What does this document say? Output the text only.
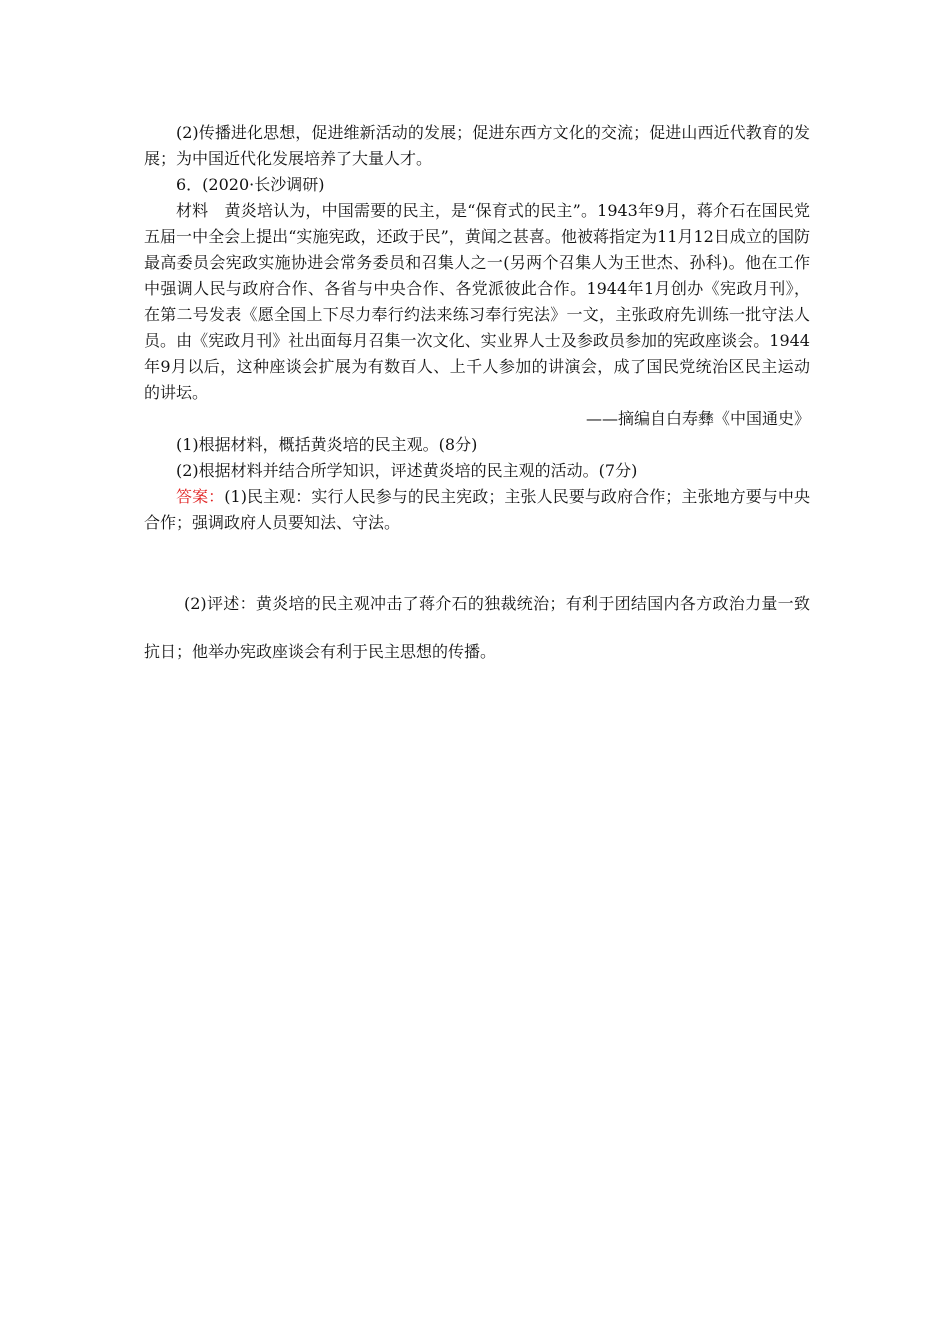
(2)传播进化思想，促进维新活动的发展；促进东西方文化的交流；促进山西近代教育的发展；为中国近代化发展培养了大量人才。

6．(2020·长沙调研)

材料　 黄炎培认为，中国需要的民主，是“保育式的民主”。1943年9月，蒋介石在国民党五届一中全会上提出“实施宪政，还政于民”，黄闻之甚喜。他被蒋指定为11月12日成立的国防最高委员会宪政实施协进会常务委员和召集人之一(另两个召集人为王世杰、孙科)。他在工作中强调人民与政府合作、各省与中央合作、各党派彼此合作。1944年1月创办《宪政月刊》，在第二号发表《愿全国上下尽力奉行约法来练习奉行宪法》一文，主张政府先训练一批守法人员。由《宪政月刊》社出面每月召集一次文化、实业界人士及参政员参加的宪政座谈会。1944年9月以后，这种座谈会扩展为有数百人、上千人参加的讲演会，成了国民党统治区民主运动的讲坛。

——摘编自白寿彝《中国通史》

(1)根据材料，概括黄炎培的民主观。(8分)

(2)根据材料并结合所学知识，评述黄炎培的民主观的活动。(7分)

答案：(1)民主观：实行人民参与的民主宪政；主张人民要与政府合作；主张地方要与中央合作；强调政府人员要知法、守法。

(2)评述：黄炎培的民主观冲击了蒋介石的独裁统治；有利于团结国内各方政治力量一致抗日；他举办宪政座谈会有利于民主思想的传播。
